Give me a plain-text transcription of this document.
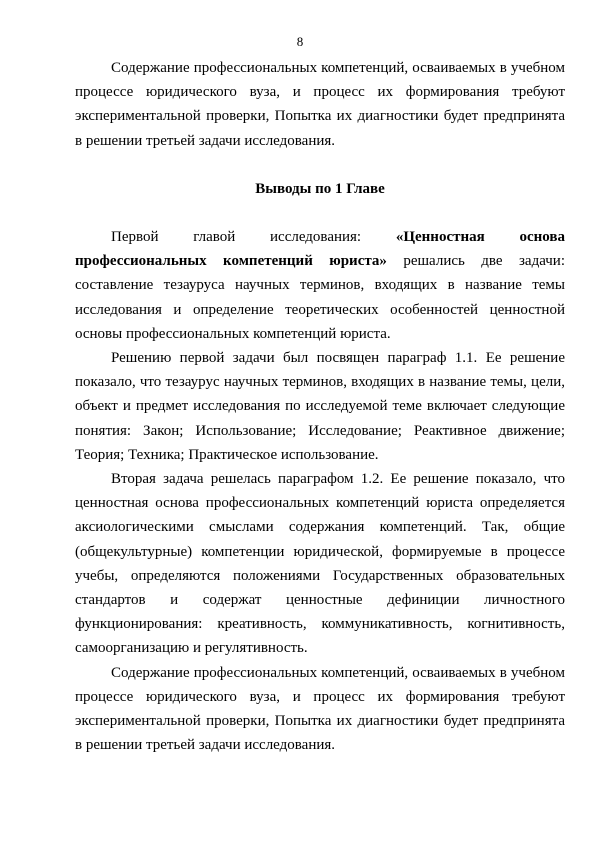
8

Содержание профессиональных компетенций, осваиваемых в учебном процессе юридического вуза, и процесс их формирования требуют экспериментальной проверки, Попытка их диагностики будет предпринята в решении третьей задачи исследования.

Выводы по 1 Главе

Первой главой исследования: «Ценностная основа профессиональных компетенций юриста» решались две задачи: составление тезауруса научных терминов, входящих в название темы исследования и определение теоретических особенностей ценностной основы профессиональных компетенций юриста.

Решению первой задачи был посвящен параграф 1.1. Ее решение показало, что тезаурус научных терминов, входящих в название темы, цели, объект и предмет исследования по исследуемой теме включает следующие понятия: Закон; Использование; Исследование; Реактивное движение; Теория; Техника; Практическое использование.

Вторая задача решелась параграфом 1.2. Ее решение показало, что ценностная основа профессиональных компетенций юриста определяется аксиологическими смыслами содержания компетенций. Так, общие (общекультурные) компетенции юридической, формируемые в процессе учебы, определяются положениями Государственных образовательных стандартов и содержат ценностные дефиниции личностного функционирования: креативность, коммуникативность, когнитивность, самоорганизацию и регулятивность.

Содержание профессиональных компетенций, осваиваемых в учебном процессе юридического вуза, и процесс их формирования требуют экспериментальной проверки, Попытка их диагностики будет предпринята в решении третьей задачи исследования.
